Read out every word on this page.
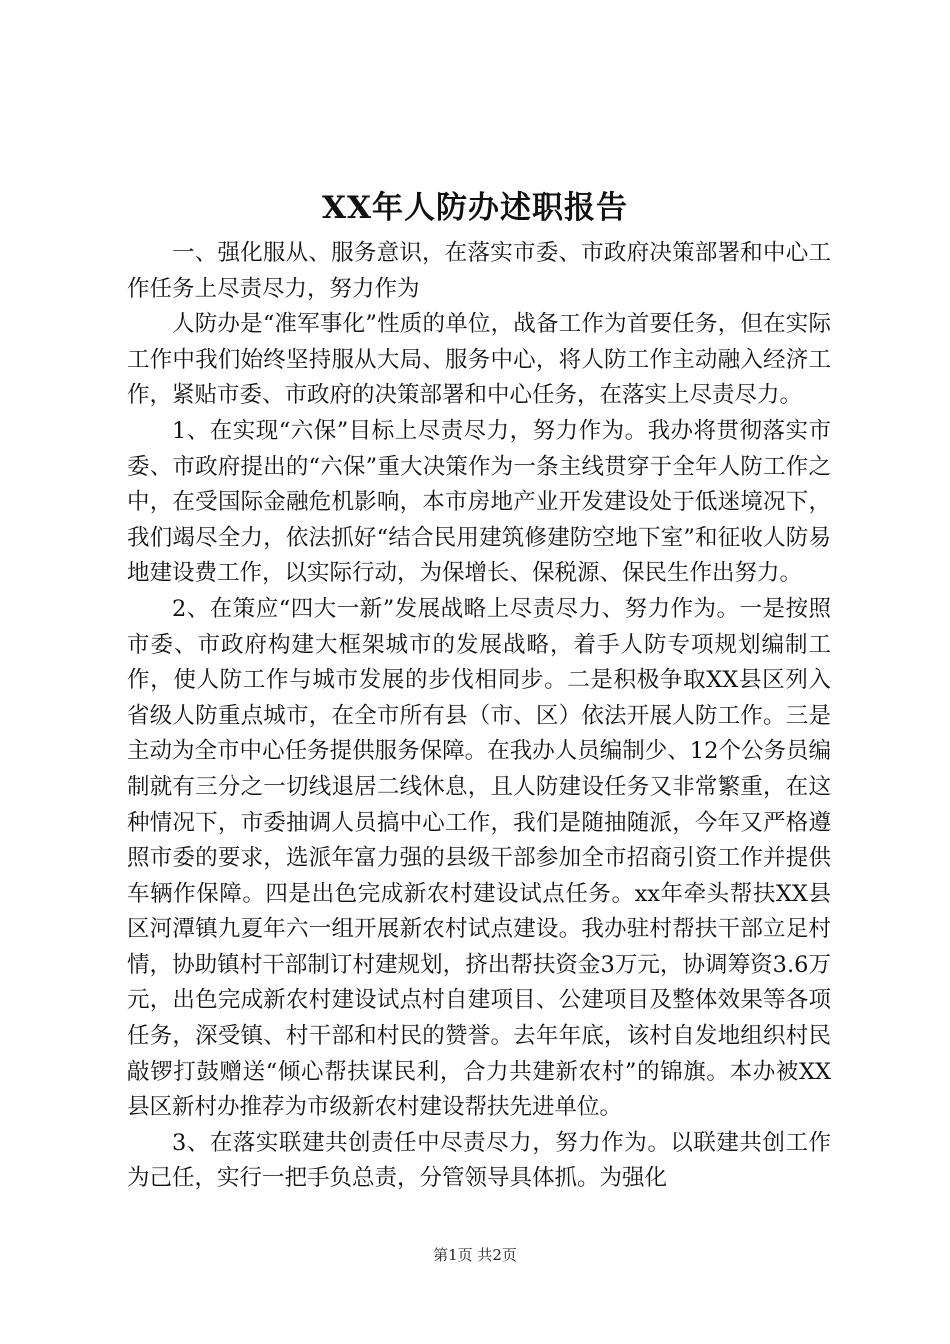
XX年人防办述职报告

一、强化服从、服务意识，在落实市委、市政府决策部署和中心工作任务上尽责尽力，努力作为

人防办是“准军事化”性质的单位，战备工作为首要任务，但在实际工作中我们始终坚持服从大局、服务中心，将人防工作主动融入经济工作，紧贴市委、市政府的决策部署和中心任务，在落实上尽责尽力。

1、在实现“六保”目标上尽责尽力，努力作为。我办将贯彻落实市委、市政府提出的“六保”重大决策作为一条主线贯穿于全年人防工作之中，在受国际金融危机影响，本市房地产业开发建设处于低迷境况下，我们竭尽全力，依法抓好“结合民用建筑修建防空地下室”和征收人防易地建设费工作，以实际行动，为保增长、保税源、保民生作出努力。

2、在策应“四大一新”发展战略上尽责尽力、努力作为。一是按照市委、市政府构建大框架城市的发展战略，着手人防专项规划编制工作，使人防工作与城市发展的步伐相同步。二是积极争取XX县区列入省级人防重点城市，在全市所有县（市、区）依法开展人防工作。三是主动为全市中心任务提供服务保障。在我办人员编制少、12个公务员编制就有三分之一切线退居二线休息，且人防建设任务又非常繁重，在这种情况下，市委抽调人员搞中心工作，我们是随抽随派，今年又严格遵照市委的要求，选派年富力强的县级干部参加全市招商引资工作并提供车辆作保障。四是出色完成新农村建设试点任务。xx年牵头帮扶XX县区河潭镇九夏年六一组开展新农村试点建设。我办驻村帮扶干部立足村情，协助镇村干部制订村建规划，挤出帮扶资金3万元，协调筹资3.6万元，出色完成新农村建设试点村自建项目、公建项目及整体效果等各项任务，深受镇、村干部和村民的赞誉。去年年底，该村自发地组织村民敲锣打鼓赠送“倾心帮扶谋民利，合力共建新农村”的锦旗。本办被XX县区新村办推荐为市级新农村建设帮扶先进单位。

3、在落实联建共创责任中尽责尽力，努力作为。以联建共创工作为己任，实行一把手负总责，分管领导具体抓。为强化

第1页 共2页
